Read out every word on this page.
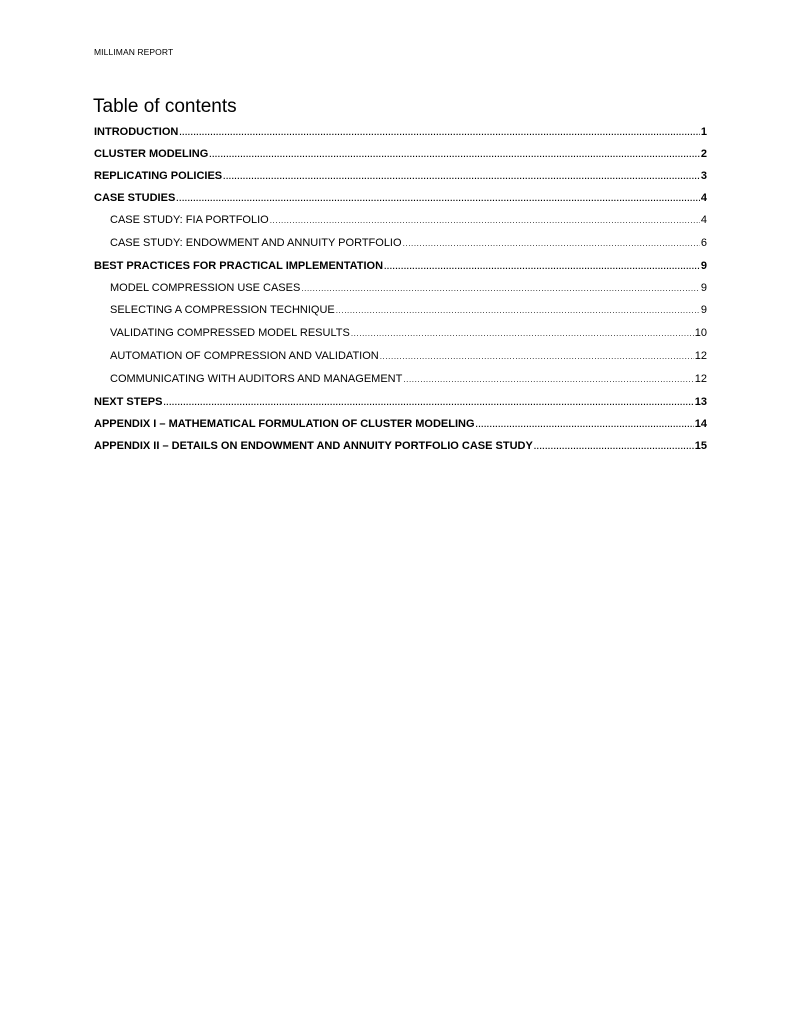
MILLIMAN REPORT
Table of contents
INTRODUCTION .....	1
CLUSTER MODELING .....	2
REPLICATING POLICIES .....	3
CASE STUDIES .....	4
CASE STUDY: FIA PORTFOLIO .....	4
CASE STUDY: ENDOWMENT AND ANNUITY PORTFOLIO .....	6
BEST PRACTICES FOR PRACTICAL IMPLEMENTATION .....	9
MODEL COMPRESSION USE CASES .....	9
SELECTING A COMPRESSION TECHNIQUE .....	9
VALIDATING COMPRESSED MODEL RESULTS .....	10
AUTOMATION OF COMPRESSION AND VALIDATION .....	12
COMMUNICATING WITH AUDITORS AND MANAGEMENT .....	12
NEXT STEPS .....	13
APPENDIX I – MATHEMATICAL FORMULATION OF CLUSTER MODELING .....	14
APPENDIX II – DETAILS ON ENDOWMENT AND ANNUITY PORTFOLIO CASE STUDY .....	15
